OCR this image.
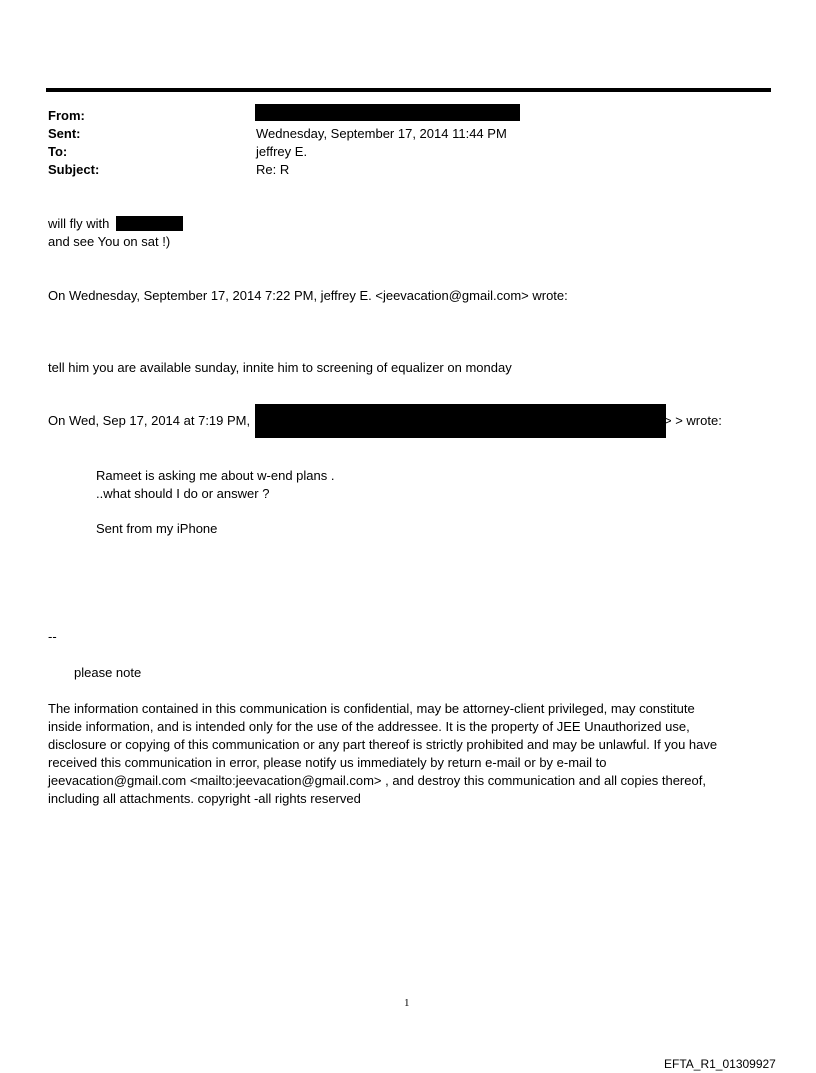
From:
Sent:	Wednesday, September 17, 2014 11:44 PM
To:	jeffrey E.
Subject:	Re: R
will fly with
and see You on sat !)
On Wednesday, September 17, 2014 7:22 PM, jeffrey E. <jeevacation@gmail.com> wrote:
tell him you are available sunday, innite him to screening of equalizer on monday
On Wed, Sep 17, 2014 at 7:19 PM,	> > wrote:
Rameet is asking me about w-end plans .
..what should I do or answer ?
Sent from my iPhone
--
please note
The information contained in this communication is confidential, may be attorney-client privileged, may constitute
inside information, and is intended only for the use of the addressee. It is the property of JEE Unauthorized use,
disclosure or copying of this communication or any part thereof is strictly prohibited and may be unlawful. If you have
received this communication in error, please notify us immediately by return e-mail or by e-mail to
jeevacation@gmail.com <mailto:jeevacation@gmail.com> , and destroy this communication and all copies thereof,
including all attachments. copyright -all rights reserved
1
EFTA_R1_01309927
